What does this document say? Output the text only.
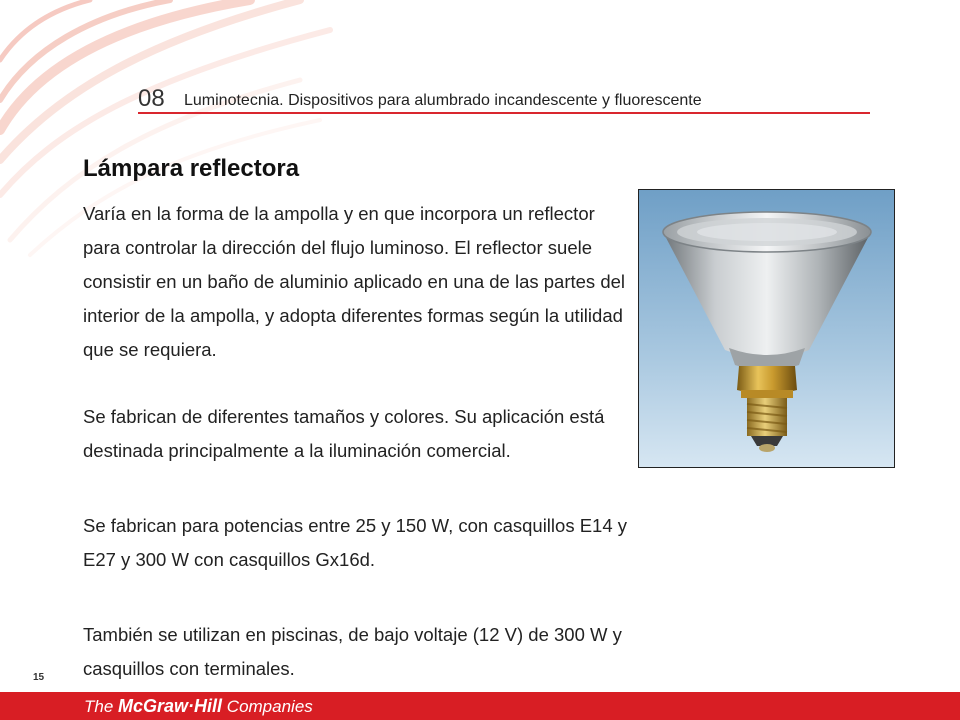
08 Luminotecnia. Dispositivos para alumbrado incandescente y fluorescente
Lámpara reflectora

Varía en la forma de la ampolla y en que incorpora un reflector para controlar la dirección del flujo luminoso. El reflector suele consistir en un baño de aluminio aplicado en una de las partes del interior de la ampolla, y adopta diferentes formas según la utilidad que se requiera.

Se fabrican de diferentes tamaños y colores. Su aplicación está destinada principalmente a la iluminación comercial.

Se fabrican para potencias entre 25 y 150 W, con casquillos E14 y E27 y 300 W con casquillos Gx16d.

También se utilizan en piscinas, de bajo voltaje (12 V) de 300 W y casquillos con terminales.

15
The McGraw·Hill Companies
